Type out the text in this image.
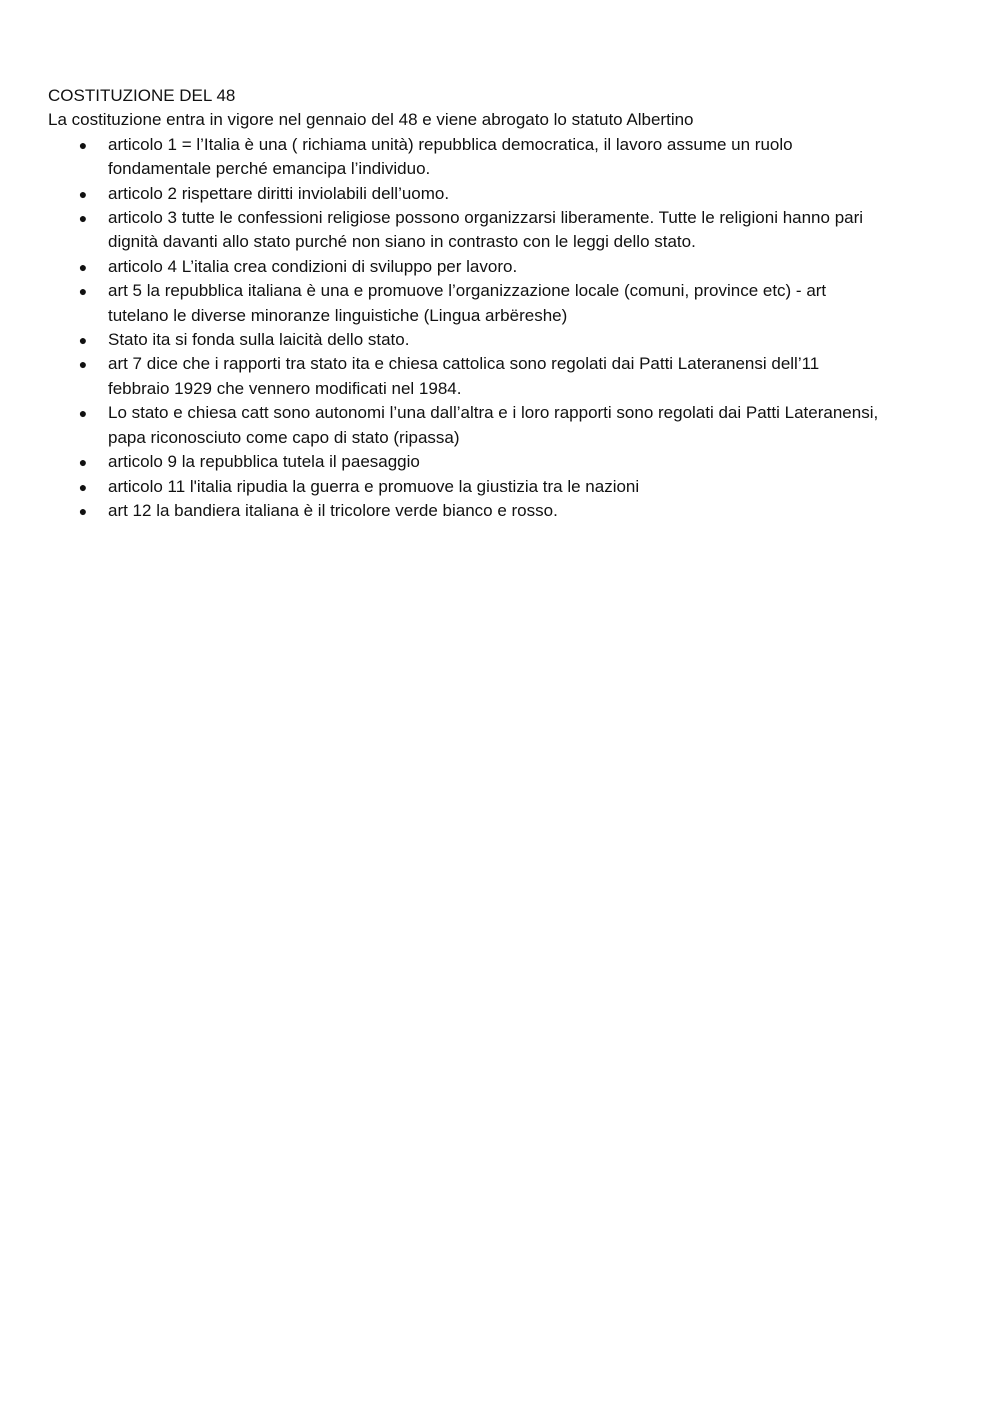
COSTITUZIONE DEL 48

La costituzione entra in vigore nel gennaio del 48 e viene abrogato lo statuto Albertino

● articolo 1 = l’Italia è una ( richiama unità) repubblica democratica, il lavoro assume un ruolo
fondamentale perché emancipa l’individuo.
● articolo 2 rispettare diritti inviolabili dell’uomo.
● articolo 3 tutte le confessioni religiose possono organizzarsi liberamente. Tutte le religioni hanno pari
dignità davanti allo stato purché non siano in contrasto con le leggi dello stato.
● articolo 4 L’italia crea condizioni di sviluppo per lavoro.
● art 5 la repubblica italiana è una e promuove l’organizzazione locale (comuni, province etc) - art
tutelano le diverse minoranze linguistiche (Lingua arbëreshe)
● Stato ita si fonda sulla laicità dello stato.
● art 7 dice che i rapporti tra stato ita e chiesa cattolica sono regolati dai Patti Lateranensi dell’11
febbraio 1929 che vennero modificati nel 1984.
● Lo stato e chiesa catt sono autonomi l’una dall’altra e i loro rapporti sono regolati dai Patti Lateranensi,
papa riconosciuto come capo di stato (ripassa)
● articolo 9 la repubblica tutela il paesaggio
● articolo 11 l'italia ripudia la guerra e promuove la giustizia tra le nazioni
● art 12 la bandiera italiana è il tricolore verde bianco e rosso.
